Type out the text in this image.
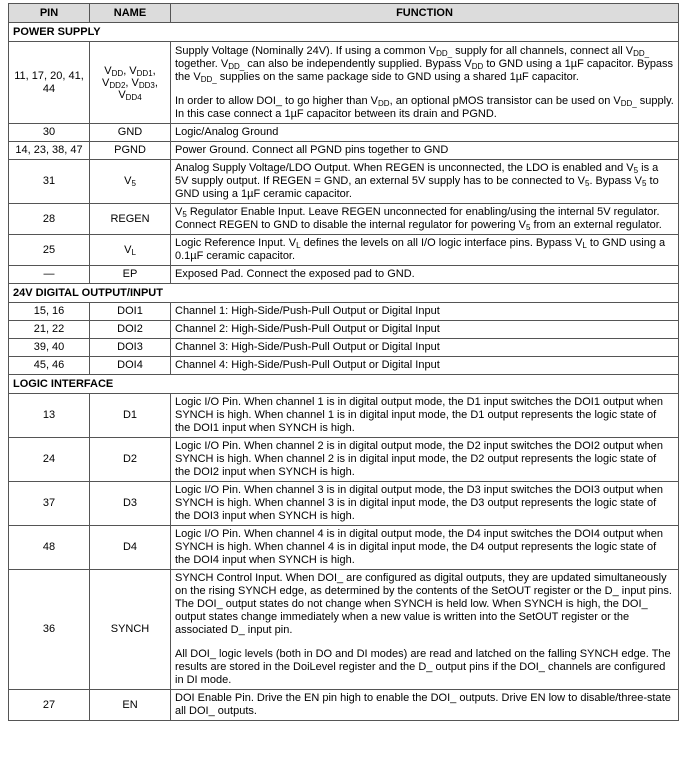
PIN	NAME	FUNCTION
POWER SUPPLY		
11, 17, 20, 41, 44	$V_{DD}$, $V_{DD1}$, $V_{DD2}$, $V_{DD3}$, $V_{DD4}$	Supply Voltage (Nominally 24V). If using a common $V_{DD\_}$ supply for all channels, connect all $V_{DD\_}$ together. $V_{DD\_}$ can also be independently supplied. Bypass $V_{DD}$ to GND using a 1µF capacitor. Bypass the $V_{DD\_}$ supplies on the same package side to GND using a shared 1µF capacitor.
In order to allow DOI_ to go higher than $V_{DD}$, an optional pMOS transistor can be used on $V_{DD\_}$ supply. In this case connect a 1µF capacitor between its drain and PGND.

30	GND	Logic/Analog Ground
14, 23, 38, 47	PGND	Power Ground. Connect all PGND pins together to GND
31	$V_5$	Analog Supply Voltage/LDO Output. When REGEN is unconnected, the LDO is enabled and $V_5$ is a 5V supply output. If REGEN = GND, an external 5V supply has to be connected to $V_5$. Bypass $V_5$ to GND using a 1µF ceramic capacitor.
28	REGEN	$V_5$ Regulator Enable Input. Leave REGEN unconnected for enabling/using the internal 5V regulator. Connect REGEN to GND to disable the internal regulator for powering $V_5$ from an external regulator.
25	$V_L$	Logic Reference Input. $V_L$ defines the levels on all I/O logic interface pins. Bypass $V_L$ to GND using a 0.1µF ceramic capacitor.
—	EP	Exposed Pad. Connect the exposed pad to GND.
24V DIGITAL OUTPUT/INPUT		
15, 16	DOI1	Channel 1: High-Side/Push-Pull Output or Digital Input
21, 22	DOI2	Channel 2: High-Side/Push-Pull Output or Digital Input
39, 40	DOI3	Channel 3: High-Side/Push-Pull Output or Digital Input
45, 46	DOI4	Channel 4: High-Side/Push-Pull Output or Digital Input
LOGIC INTERFACE		
13	D1	Logic I/O Pin. When channel 1 is in digital output mode, the D1 input switches the DOI1 output when SYNCH is high. When channel 1 is in digital input mode, the D1 output represents the logic state of the DOI1 input when SYNCH is high.
24	D2	Logic I/O Pin. When channel 2 is in digital output mode, the D2 input switches the DOI2 output when SYNCH is high. When channel 2 is in digital input mode, the D2 output represents the logic state of the DOI2 input when SYNCH is high.
37	D3	Logic I/O Pin. When channel 3 is in digital output mode, the D3 input switches the DOI3 output when SYNCH is high. When channel 3 is in digital input mode, the D3 output represents the logic state of the DOI3 input when SYNCH is high.
48	D4	Logic I/O Pin. When channel 4 is in digital output mode, the D4 input switches the DOI4 output when SYNCH is high. When channel 4 is in digital input mode, the D4 output represents the logic state of the DOI4 input when SYNCH is high.
36	SYNCH	SYNCH Control Input. When DOI_ are configured as digital outputs, they are updated simultaneously on the rising SYNCH edge, as determined by the contents of the SetOUT register or the D_ input pins. The DOI_ output states do not change when SYNCH is held low. When SYNCH is high, the DOI_ output states change immediately when a new value is written into the SetOUT register or the associated D_ input pin.
All DOI_ logic levels (both in DO and DI modes) are read and latched on the falling SYNCH edge. The results are stored in the DoiLevel register and the D_ output pins if the DOI_ channels are configured in DI mode.

27	EN	DOI Enable Pin. Drive the EN pin high to enable the DOI_ outputs. Drive EN low to disable/three-state all DOI_ outputs.
